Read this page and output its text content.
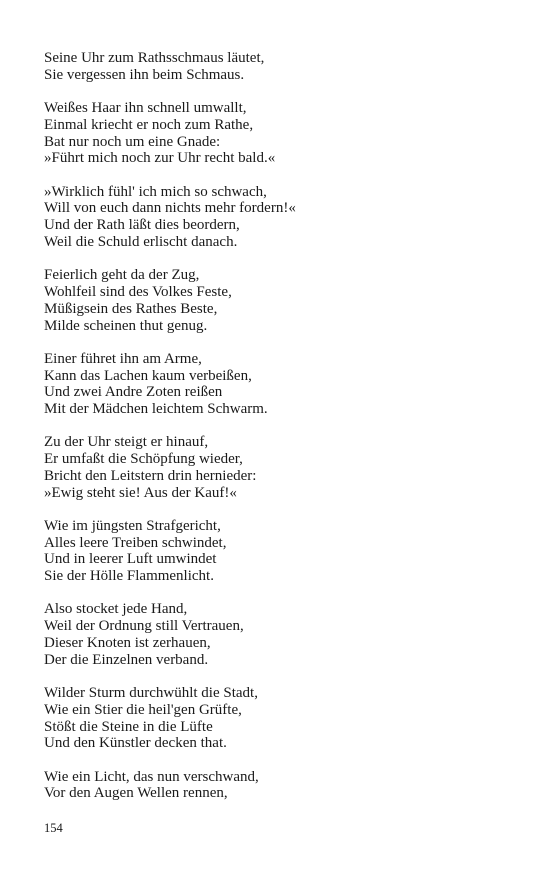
Seine Uhr zum Rathsschmaus läutet,
Sie vergessen ihn beim Schmaus.
Weißes Haar ihn schnell umwallt,
Einmal kriecht er noch zum Rathe,
Bat nur noch um eine Gnade:
»Führt mich noch zur Uhr recht bald.«
»Wirklich fühl' ich mich so schwach,
Will von euch dann nichts mehr fordern!«
Und der Rath läßt dies beordern,
Weil die Schuld erlischt danach.
Feierlich geht da der Zug,
Wohlfeil sind des Volkes Feste,
Müßigsein des Rathes Beste,
Milde scheinen thut genug.
Einer führet ihn am Arme,
Kann das Lachen kaum verbeißen,
Und zwei Andre Zoten reißen
Mit der Mädchen leichtem Schwarm.
Zu der Uhr steigt er hinauf,
Er umfaßt die Schöpfung wieder,
Bricht den Leitstern drin hernieder:
»Ewig steht sie! Aus der Kauf!«
Wie im jüngsten Strafgericht,
Alles leere Treiben schwindet,
Und in leerer Luft umwindet
Sie der Hölle Flammenlicht.
Also stocket jede Hand,
Weil der Ordnung still Vertrauen,
Dieser Knoten ist zerhauen,
Der die Einzelnen verband.
Wilder Sturm durchwühlt die Stadt,
Wie ein Stier die heil'gen Grüfte,
Stößt die Steine in die Lüfte
Und den Künstler decken that.
Wie ein Licht, das nun verschwand,
Vor den Augen Wellen rennen,
154
